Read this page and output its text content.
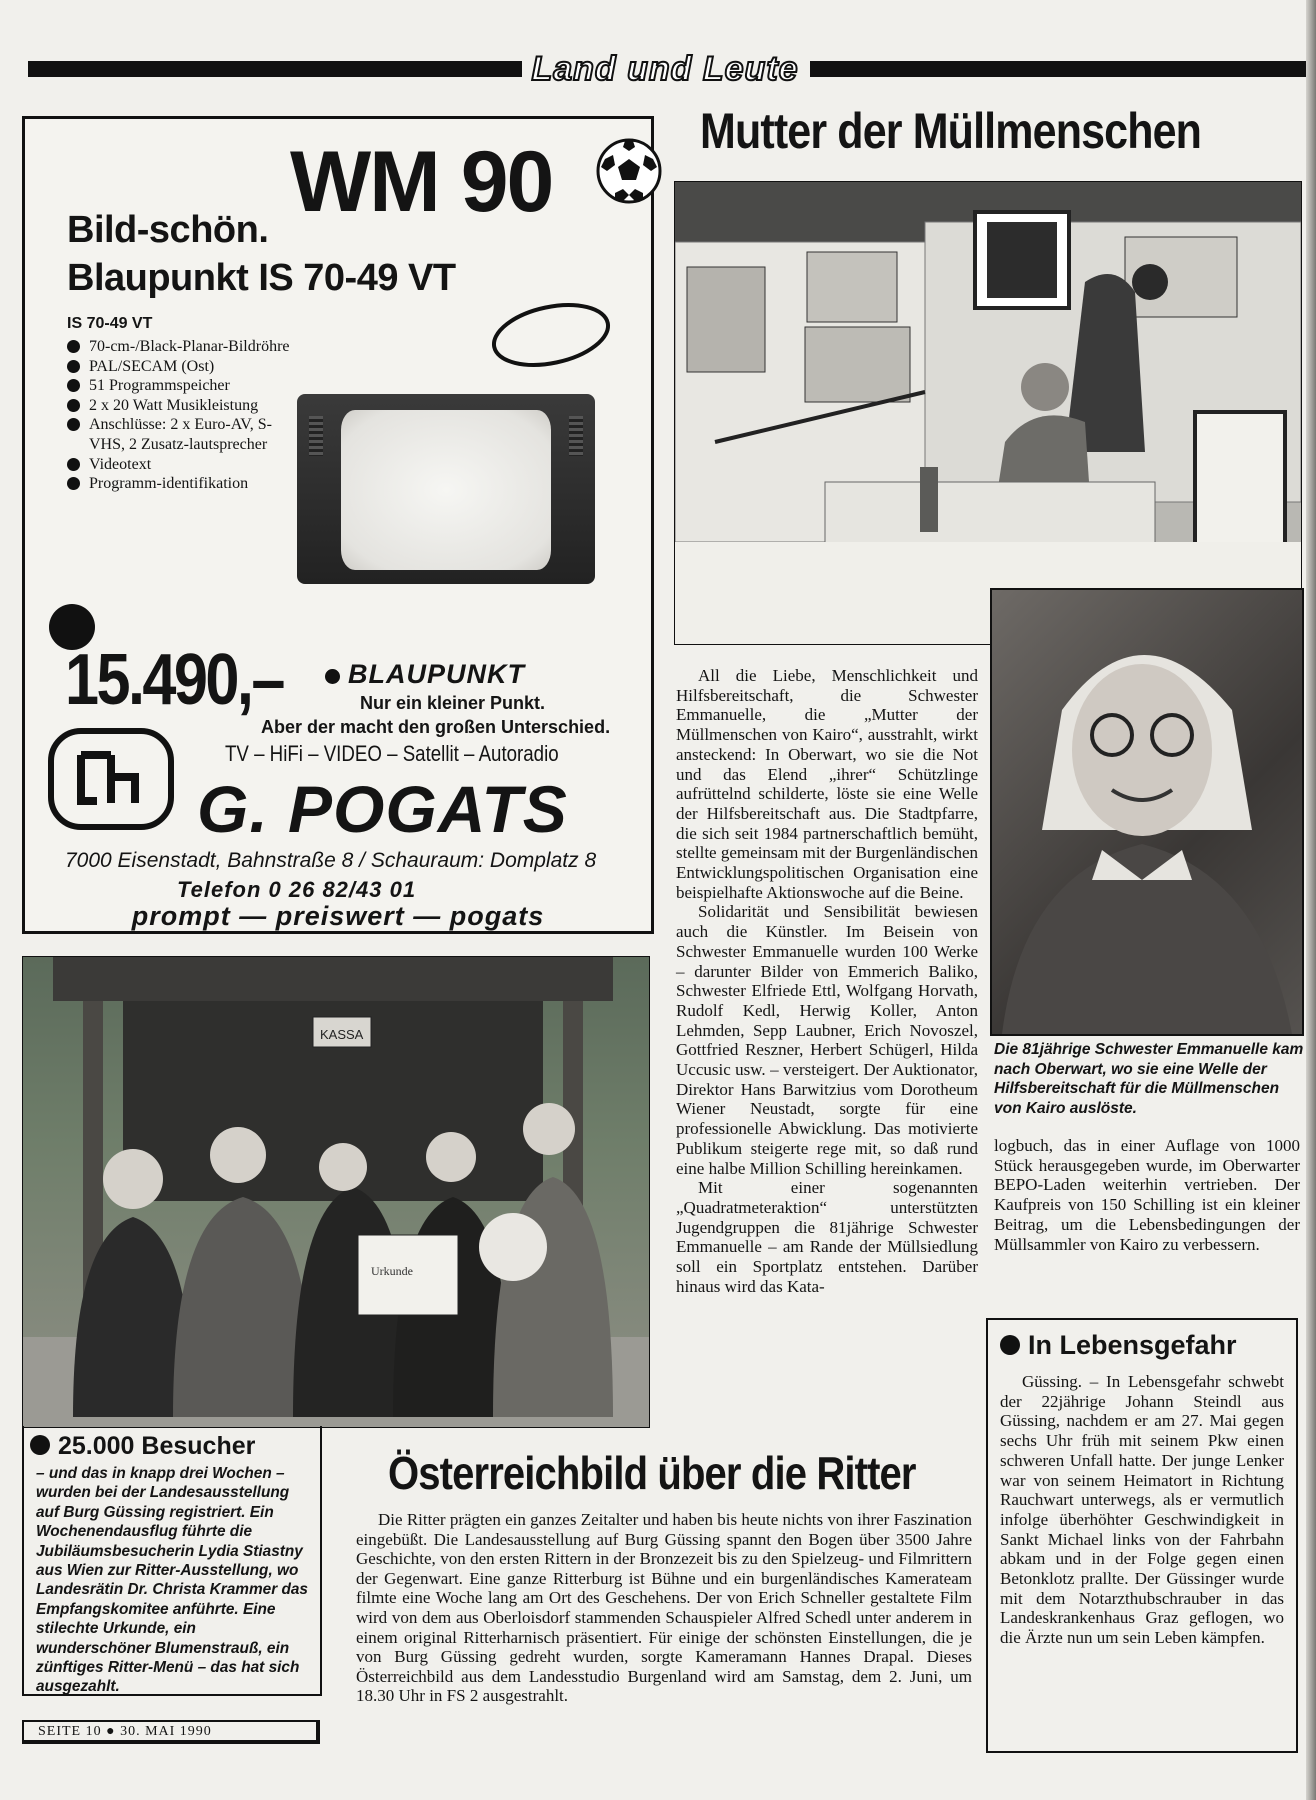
Land und Leute
WM 90
Bild-schön.
Blaupunkt IS 70-49 VT
IS 70-49 VT
70-cm-/Black-Planar-Bildröhre
PAL/SECAM (Ost)
51 Programmspeicher
2 x 20 Watt Musikleistung
Anschlüsse: 2 x Euro-AV, S-VHS, 2 Zusatz-lautsprecher
Videotext
Programm-identifikation
15.490,–	BLAUPUNKT
Nur ein kleiner Punkt.
Aber der macht den großen Unterschied.
TV – HiFi – VIDEO – Satellit – Autoradio
G. POGATS
7000 Eisenstadt, Bahnstraße 8 / Schauraum: Domplatz 8
Telefon 0 26 82/43 01
prompt — preiswert — pogats
Mutter der Müllmenschen
Die 81jährige Schwester Emmanuelle kam nach Oberwart, wo sie eine Welle der Hilfsbereitschaft für die Müllmenschen von Kairo auslöste.

All die Liebe, Menschlichkeit und Hilfsbereitschaft, die Schwester Emmanuelle, die „Mutter der Müllmenschen von Kairo“, ausstrahlt, wirkt ansteckend: In Oberwart, wo sie die Not und das Elend „ihrer“ Schützlinge aufrüttelnd schilderte, löste sie eine Welle der Hilfsbereitschaft aus. Die Stadtpfarre, die sich seit 1984 partnerschaftlich bemüht, stellte gemeinsam mit der Burgenländischen Entwicklungspolitischen Organisation eine beispielhafte Aktionswoche auf die Beine.

Solidarität und Sensibilität bewiesen auch die Künstler. Im Beisein von Schwester Emmanuelle wurden 100 Werke – darunter Bilder von Emmerich Baliko, Schwester Elfriede Ettl, Wolfgang Horvath, Rudolf Kedl, Herwig Koller, Anton Lehmden, Sepp Laubner, Erich Novoszel, Gottfried Reszner, Herbert Schügerl, Hilda Uccusic usw. – versteigert. Der Auktionator, Direktor Hans Barwitzius vom Dorotheum Wiener Neustadt, sorgte für eine professionelle Abwicklung. Das motivierte Publikum steigerte rege mit, so daß rund eine halbe Million Schilling hereinkamen.

Mit einer sogenannten „Quadratmeteraktion“ unterstützten Jugendgruppen die 81jährige Schwester Emmanuelle – am Rande der Müllsiedlung soll ein Sportplatz entstehen. Darüber hinaus wird das Kata-

logbuch, das in einer Auflage von 1000 Stück herausgegeben wurde, im Oberwarter BEPO-Laden weiterhin vertrieben. Der Kaufpreis von 150 Schilling ist ein kleiner Beitrag, um die Lebensbedingungen der Müllsammler von Kairo zu verbessern.

In Lebensgefahr

Güssing. – In Lebensgefahr schwebt der 22jährige Johann Steindl aus Güssing, nachdem er am 27. Mai gegen sechs Uhr früh mit seinem Pkw einen schweren Unfall hatte. Der junge Lenker war von seinem Heimatort in Richtung Rauchwart unterwegs, als er vermutlich infolge überhöhter Geschwindigkeit in Sankt Michael links von der Fahrbahn abkam und in der Folge gegen einen Betonklotz prallte. Der Güssinger wurde mit dem Notarzthubschrauber in das Landeskrankenhaus Graz geflogen, wo die Ärzte nun um sein Leben kämpfen.

KASSA
Urkunde
25.000 Besucher
– und das in knapp drei Wochen – wurden bei der Landesausstellung auf Burg Güssing registriert. Ein Wochenendausflug führte die Jubiläumsbesucherin Lydia Stiastny aus Wien zur Ritter-Ausstellung, wo Landesrätin Dr. Christa Krammer das Empfangskomitee anführte. Eine stilechte Urkunde, ein wunderschöner Blumenstrauß, ein zünftiges Ritter-Menü – das hat sich ausgezahlt.
Österreichbild über die Ritter

Die Ritter prägten ein ganzes Zeitalter und haben bis heute nichts von ihrer Faszination eingebüßt. Die Landesausstellung auf Burg Güssing spannt den Bogen über 3500 Jahre Geschichte, von den ersten Rittern in der Bronzezeit bis zu den Spielzeug- und Filmrittern der Gegenwart. Eine ganze Ritterburg ist Bühne und ein burgenländisches Kamerateam filmte eine Woche lang am Ort des Geschehens. Der von Erich Schneller gestaltete Film wird von dem aus Oberloisdorf stammenden Schauspieler Alfred Schedl unter anderem in einem original Ritterharnisch präsentiert. Für einige der schönsten Einstellungen, die je von Burg Güssing gedreht wurden, sorgte Kameramann Hannes Drapal. Dieses Österreichbild aus dem Landesstudio Burgenland wird am Samstag, dem 2. Juni, um 18.30 Uhr in FS 2 ausgestrahlt.

SEITE 10 ● 30. MAI 1990
